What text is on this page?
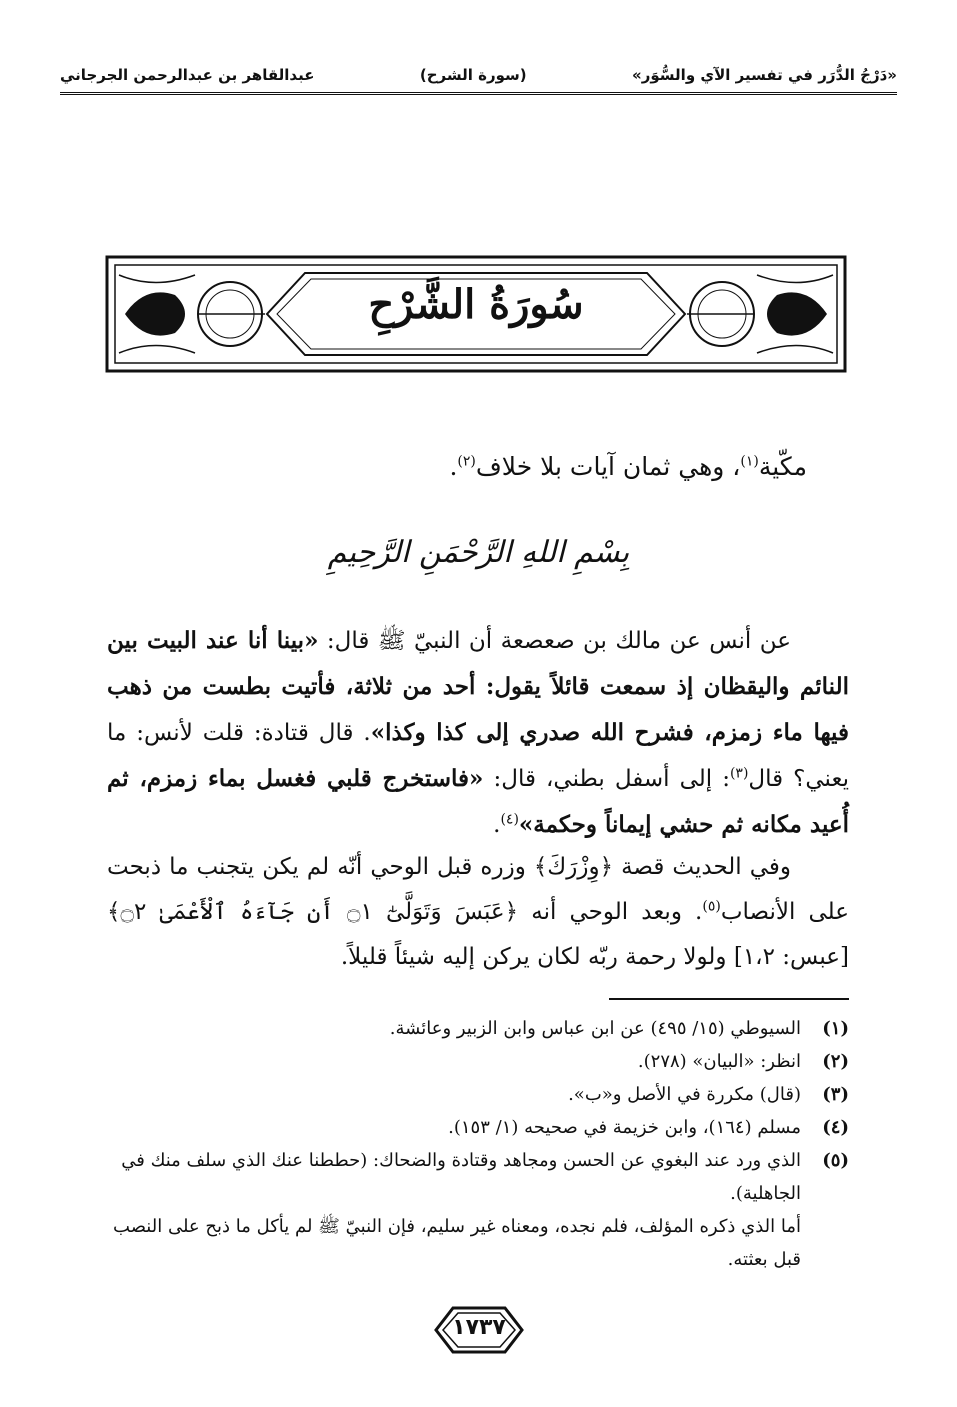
«دَرْجُ الدُّرَر في تفسير الآي والسُّوَر»
(سورة الشرح)
عبدالقاهر بن عبدالرحمن الجرجاني
سُورَةُ الشَّرْحِ
مكّية$^{(١)}$، وهي ثمان آيات بلا خلاف$^{(٢)}$.
بِسْمِ اللهِ الرَّحْمَنِ الرَّحِيمِ
عن أنس عن مالك بن صعصعة أن النبيّ ﷺ قال: «بينا أنا عند البيت بين النائم واليقظان إذ سمعت قائلاً يقول: أحد من ثلاثة، فأتيت بطست من ذهب فيها ماء زمزم، فشرح الله صدري إلى كذا وكذا». قال قتادة: قلت لأنس: ما يعني؟ قال$^{(٣)}$: إلى أسفل بطني، قال: «فاستخرج قلبي فغسل بماء زمزم، ثم أُعيد مكانه ثم حشي إيماناً وحكمة»$^{(٤)}$.
وفي الحديث قصة ﴿وِزْرَكَ﴾ وزره قبل الوحي أنّه لم يكن يتجنب ما ذبحت على الأنصاب$^{(٥)}$. وبعد الوحي أنه ﴿عَبَسَ وَتَوَلَّىٰٓ ۝١ أَن جَآءَهُ ٱلْأَعْمَىٰ ۝٢﴾ [عبس: ١،٢] ولولا رحمة ربّه لكان يركن إليه شيئاً قليلاً.
(١)
السيوطي (١٥/ ٤٩٥) عن ابن عباس وابن الزبير وعائشة.
(٢)
انظر: «البيان» (٢٧٨).
(٣)
(قال) مكررة في الأصل و«ب».
(٤)
مسلم (١٦٤)، وابن خزيمة في صحيحه (١/ ١٥٣).
(٥)
الذي ورد عند البغوي عن الحسن ومجاهد وقتادة والضحاك: (حططنا عنك الذي سلف منك في الجاهلية).
أما الذي ذكره المؤلف، فلم نجده، ومعناه غير سليم، فإن النبيّ ﷺ لم يأكل ما ذبح على النصب قبل بعثته.
١٧٣٧
